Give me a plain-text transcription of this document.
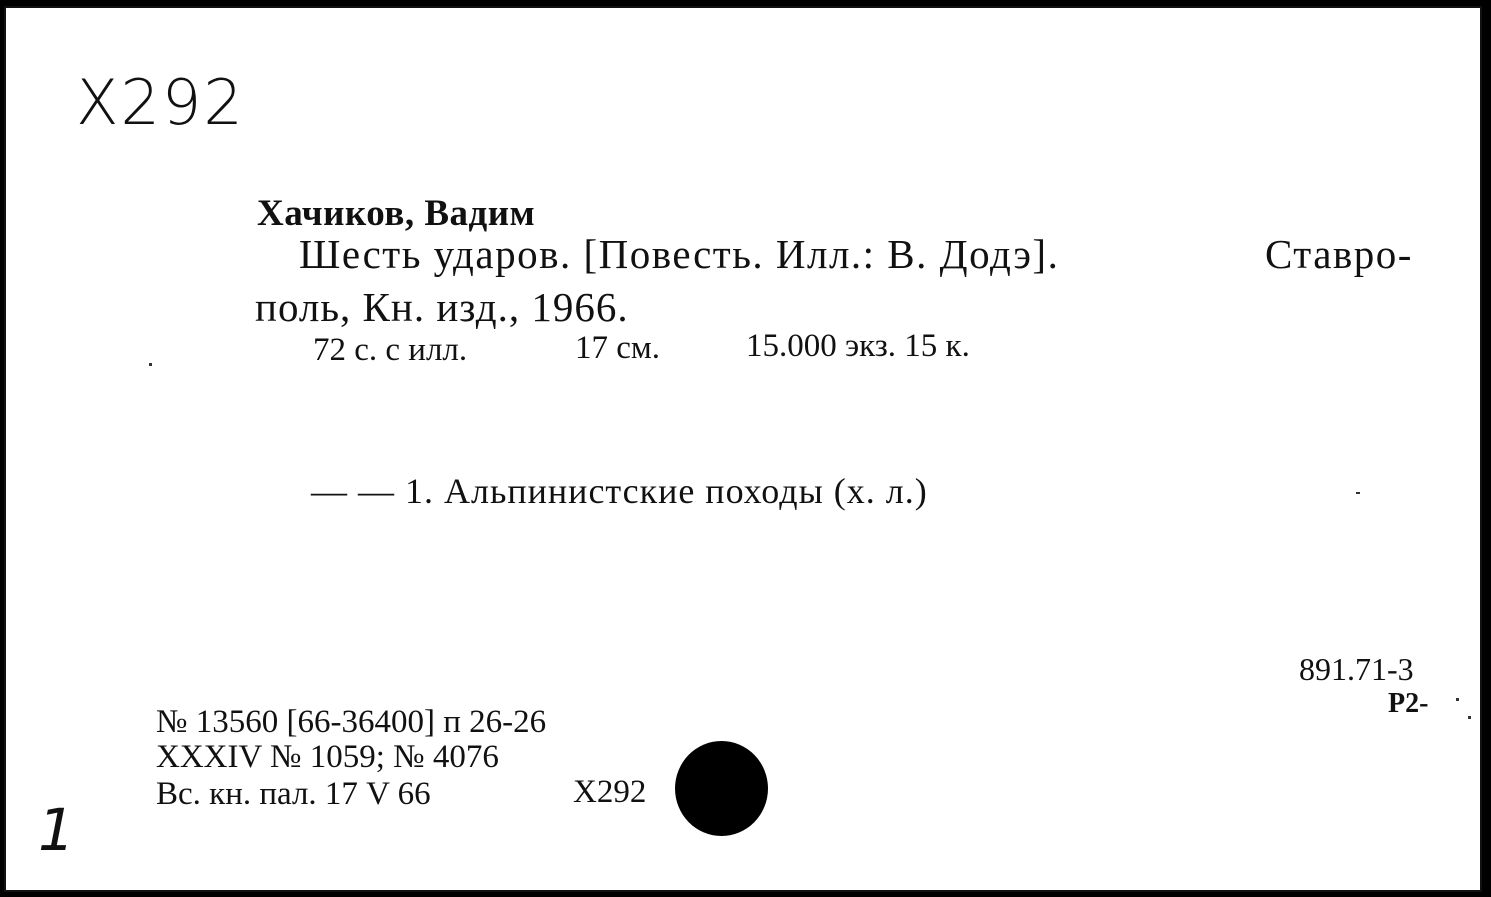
X292
Хачиков, Вадим
Шесть ударов. [Повесть. Илл.: В. Додэ].	Ставро-
поль, Кн. изд., 1966.
72 с. с илл.	17 см.	15.000 экз. 15 к.
— — 1. Альпинистские походы (х. л.)
891.71-3
Р2-
№ 13560 [66-36400] п 26-26
XXXIV № 1059; № 4076
Вс. кн. пал. 17 V 66	X292
1
